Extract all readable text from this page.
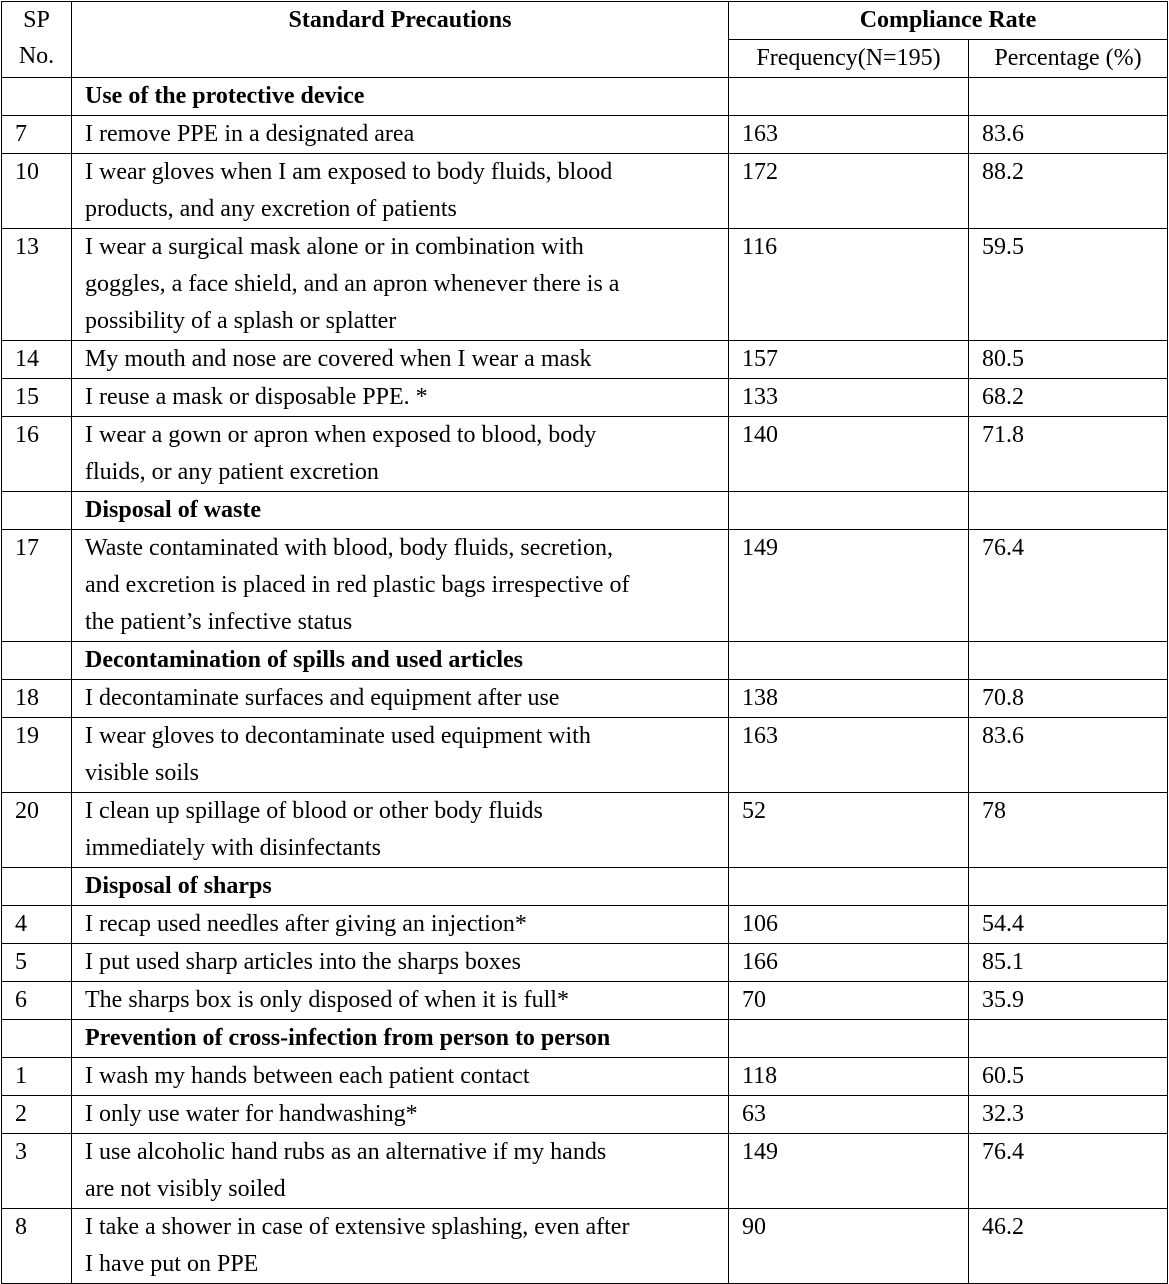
SP
No.	Standard Precautions	Compliance Rate	
		Frequency(N=195)	Percentage (%)
	Use of the protective device		
7	I remove PPE in a designated area	163	83.6
10	I wear gloves when I am exposed to body fluids, blood
products, and any excretion of patients	172	88.2
13	I wear a surgical mask alone or in combination with
goggles, a face shield, and an apron whenever there is a
possibility of a splash or splatter	116	59.5
14	My mouth and nose are covered when I wear a mask	157	80.5
15	I reuse a mask or disposable PPE. *	133	68.2
16	I wear a gown or apron when exposed to blood, body
fluids, or any patient excretion	140	71.8
	Disposal of waste		
17	Waste contaminated with blood, body fluids, secretion,
and excretion is placed in red plastic bags irrespective of
the patient’s infective status	149	76.4
	Decontamination of spills and used articles		
18	I decontaminate surfaces and equipment after use	138	70.8
19	I wear gloves to decontaminate used equipment with
visible soils	163	83.6
20	I clean up spillage of blood or other body fluids
immediately with disinfectants	52	78
	Disposal of sharps		
4	I recap used needles after giving an injection*	106	54.4
5	I put used sharp articles into the sharps boxes	166	85.1
6	The sharps box is only disposed of when it is full*	70	35.9
	Prevention of cross-infection from person to person		
1	I wash my hands between each patient contact	118	60.5
2	I only use water for handwashing*	63	32.3
3	I use alcoholic hand rubs as an alternative if my hands
are not visibly soiled	149	76.4
8	I take a shower in case of extensive splashing, even after
I have put on PPE	90	46.2
